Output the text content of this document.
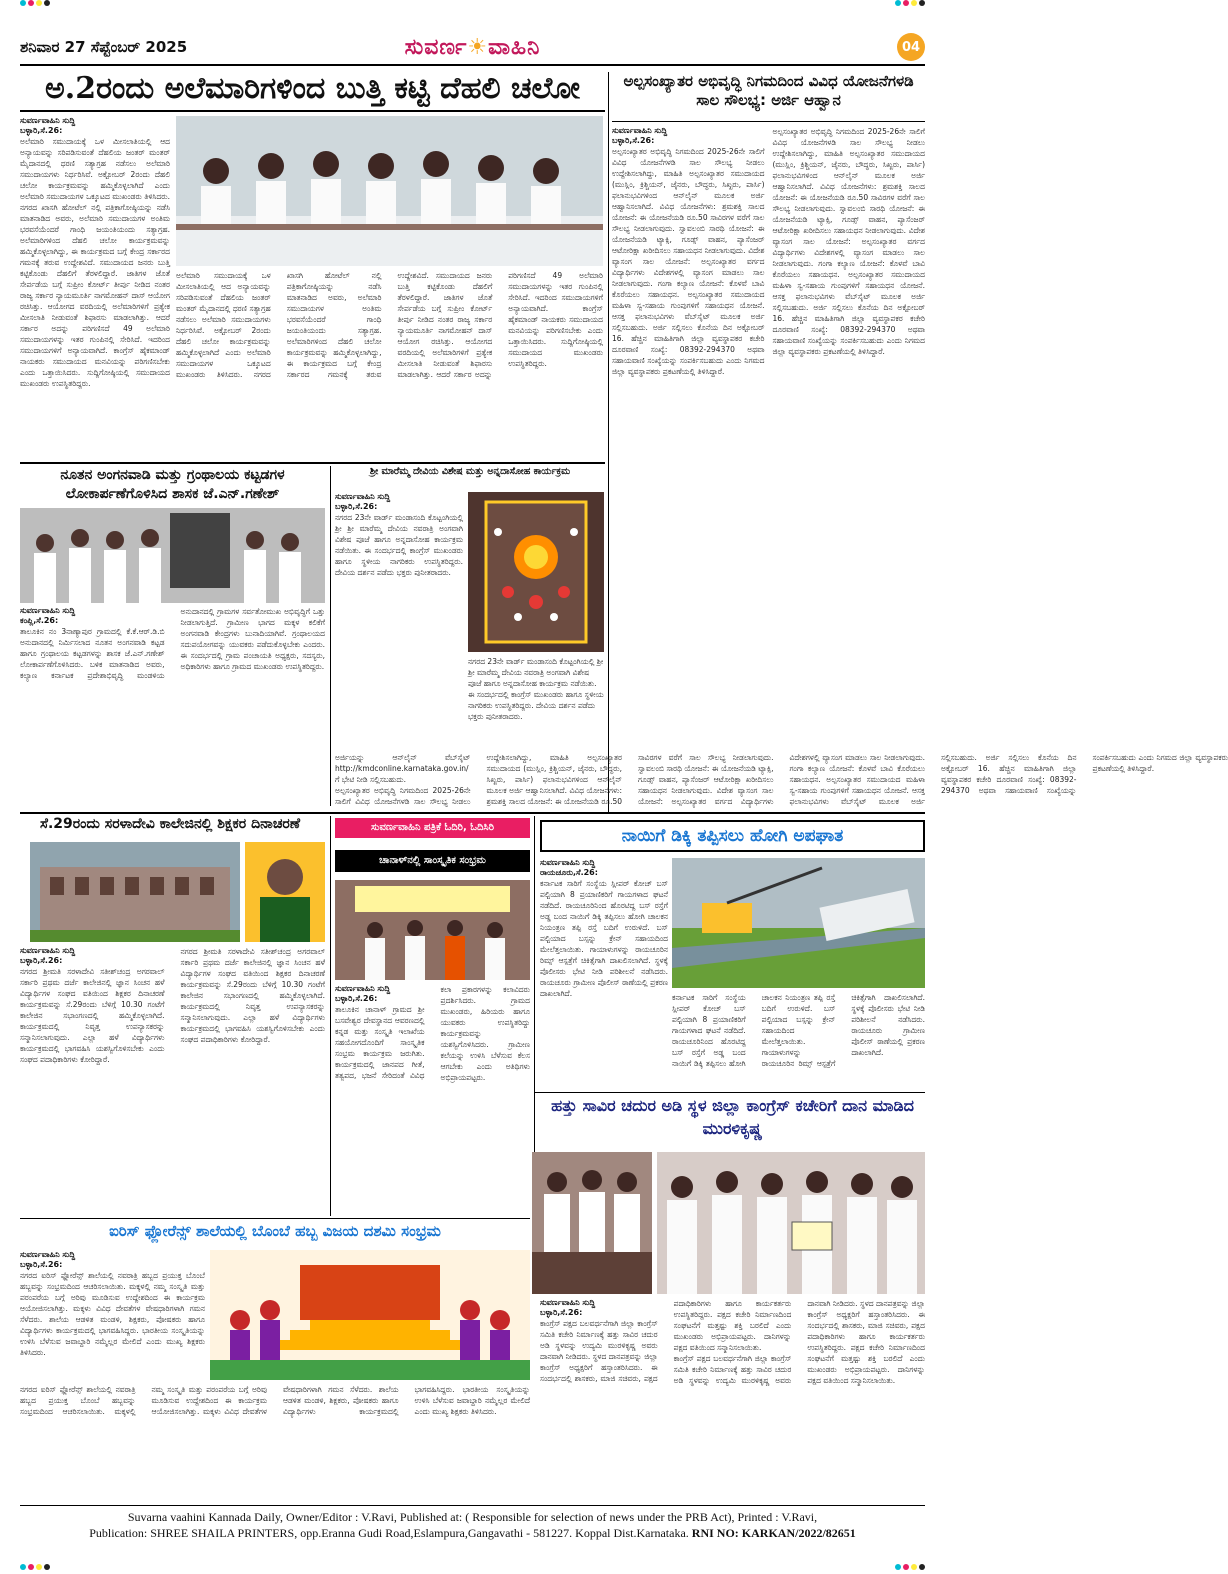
ಶನಿವಾರ 27 ಸೆಪ್ಟೆಂಬರ್ 2025	ಸುವರ್ಣ☀ವಾಹಿನಿ	04
ಅ.2ರಂದು ಅಲೆಮಾರಿಗಳಿಂದ ಬುತ್ತಿ ಕಟ್ಟಿ ದೆಹಲಿ ಚಲೋ
ಸುವರ್ಣವಾಹಿನಿ ಸುದ್ದಿ
ಬಳ್ಳಾರಿ,ಸೆ.26:
ಅಲೆಮಾರಿ ಸಮುದಾಯಕ್ಕೆ ಒಳ ಮೀಸಲಾತಿಯಲ್ಲಿ ಆದ ಅನ್ಯಾಯವನ್ನು ಸರಿಪಡಿಸುವಂತೆ ದೆಹಲಿಯ ಜಂತರ್ ಮಂತರ್ ಮೈದಾನದಲ್ಲಿ ಧರಣಿ ಸತ್ಯಾಗ್ರಹ ನಡೆಸಲು ಅಲೆಮಾರಿ ಸಮುದಾಯಗಳು ನಿರ್ಧರಿಸಿವೆ. ಅಕ್ಟೋಬರ್ 2ರಂದು ದೆಹಲಿ ಚಲೋ ಕಾರ್ಯಕ್ರಮವನ್ನು ಹಮ್ಮಿಕೊಳ್ಳಲಾಗಿದೆ ಎಂದು ಅಲೆಮಾರಿ ಸಮುದಾಯಗಳ ಒಕ್ಕೂಟದ ಮುಖಂಡರು ತಿಳಿಸಿದರು. ನಗರದ ಖಾಸಗಿ ಹೋಟೆಲ್ ನಲ್ಲಿ ಪತ್ರಿಕಾಗೋಷ್ಠಿಯನ್ನು ನಡೆಸಿ ಮಾತನಾಡಿದ ಅವರು, ಅಲೆಮಾರಿ ಸಮುದಾಯಗಳ ಅಂತಿಮ ಭರವಸೆಯೆಂದರೆ ಗಾಂಧಿ ಜಯಂತಿಯಂದು ಸತ್ಯಾಗ್ರಹ. ಅಲೆಮಾರಿಗಳಿಂದ ದೆಹಲಿ ಚಲೋ ಕಾರ್ಯಕ್ರಮವನ್ನು ಹಮ್ಮಿಕೊಳ್ಳಲಾಗಿದ್ದು, ಈ ಕಾರ್ಯಕ್ರಮದ ಬಗ್ಗೆ ಕೇಂದ್ರ ಸರ್ಕಾರದ ಗಮನಕ್ಕೆ ತರುವ ಉದ್ದೇಶವಿದೆ. ಸಮುದಾಯದ ಜನರು ಬುತ್ತಿ ಕಟ್ಟಿಕೊಂಡು ದೆಹಲಿಗೆ ತೆರಳಲಿದ್ದಾರೆ. ಜಾತಿಗಳ ಜೊತೆ ಸೇರ್ಪಡೆಯ ಬಗ್ಗೆ ಸುಪ್ರೀಂ ಕೋರ್ಟ್ ತೀರ್ಪು ನೀಡಿದ ನಂತರ ರಾಜ್ಯ ಸರ್ಕಾರ ನ್ಯಾಯಮೂರ್ತಿ ನಾಗಮೋಹನ್ ದಾಸ್ ಆಯೋಗ ರಚಿಸಿತ್ತು. ಆಯೋಗದ ವರದಿಯಲ್ಲಿ ಅಲೆಮಾರಿಗಳಿಗೆ ಪ್ರತ್ಯೇಕ ಮೀಸಲಾತಿ ನೀಡುವಂತೆ ಶಿಫಾರಸು ಮಾಡಲಾಗಿತ್ತು. ಆದರೆ ಸರ್ಕಾರ ಅದನ್ನು ಪರಿಗಣಿಸದೆ 49 ಅಲೆಮಾರಿ ಸಮುದಾಯಗಳನ್ನು ಇತರ ಗುಂಪಿನಲ್ಲಿ ಸೇರಿಸಿದೆ. ಇದರಿಂದ ಸಮುದಾಯಗಳಿಗೆ ಅನ್ಯಾಯವಾಗಿದೆ. ಕಾಂಗ್ರೆಸ್ ಹೈಕಮಾಂಡ್ ನಾಯಕರು ಸಮುದಾಯದ ಮನವಿಯನ್ನು ಪರಿಗಣಿಸಬೇಕು ಎಂದು ಒತ್ತಾಯಿಸಿದರು. ಸುದ್ದಿಗೋಷ್ಠಿಯಲ್ಲಿ ಸಮುದಾಯದ ಮುಖಂಡರು ಉಪಸ್ಥಿತರಿದ್ದರು.
ಅಲೆಮಾರಿ ಸಮುದಾಯಕ್ಕೆ ಒಳ ಮೀಸಲಾತಿಯಲ್ಲಿ ಆದ ಅನ್ಯಾಯವನ್ನು ಸರಿಪಡಿಸುವಂತೆ ದೆಹಲಿಯ ಜಂತರ್ ಮಂತರ್ ಮೈದಾನದಲ್ಲಿ ಧರಣಿ ಸತ್ಯಾಗ್ರಹ ನಡೆಸಲು ಅಲೆಮಾರಿ ಸಮುದಾಯಗಳು ನಿರ್ಧರಿಸಿವೆ. ಅಕ್ಟೋಬರ್ 2ರಂದು ದೆಹಲಿ ಚಲೋ ಕಾರ್ಯಕ್ರಮವನ್ನು ಹಮ್ಮಿಕೊಳ್ಳಲಾಗಿದೆ ಎಂದು ಅಲೆಮಾರಿ ಸಮುದಾಯಗಳ ಒಕ್ಕೂಟದ ಮುಖಂಡರು ತಿಳಿಸಿದರು. ನಗರದ ಖಾಸಗಿ ಹೋಟೆಲ್ ನಲ್ಲಿ ಪತ್ರಿಕಾಗೋಷ್ಠಿಯನ್ನು ನಡೆಸಿ ಮಾತನಾಡಿದ ಅವರು, ಅಲೆಮಾರಿ ಸಮುದಾಯಗಳ ಅಂತಿಮ ಭರವಸೆಯೆಂದರೆ ಗಾಂಧಿ ಜಯಂತಿಯಂದು ಸತ್ಯಾಗ್ರಹ. ಅಲೆಮಾರಿಗಳಿಂದ ದೆಹಲಿ ಚಲೋ ಕಾರ್ಯಕ್ರಮವನ್ನು ಹಮ್ಮಿಕೊಳ್ಳಲಾಗಿದ್ದು, ಈ ಕಾರ್ಯಕ್ರಮದ ಬಗ್ಗೆ ಕೇಂದ್ರ ಸರ್ಕಾರದ ಗಮನಕ್ಕೆ ತರುವ ಉದ್ದೇಶವಿದೆ. ಸಮುದಾಯದ ಜನರು ಬುತ್ತಿ ಕಟ್ಟಿಕೊಂಡು ದೆಹಲಿಗೆ ತೆರಳಲಿದ್ದಾರೆ. ಜಾತಿಗಳ ಜೊತೆ ಸೇರ್ಪಡೆಯ ಬಗ್ಗೆ ಸುಪ್ರೀಂ ಕೋರ್ಟ್ ತೀರ್ಪು ನೀಡಿದ ನಂತರ ರಾಜ್ಯ ಸರ್ಕಾರ ನ್ಯಾಯಮೂರ್ತಿ ನಾಗಮೋಹನ್ ದಾಸ್ ಆಯೋಗ ರಚಿಸಿತ್ತು. ಆಯೋಗದ ವರದಿಯಲ್ಲಿ ಅಲೆಮಾರಿಗಳಿಗೆ ಪ್ರತ್ಯೇಕ ಮೀಸಲಾತಿ ನೀಡುವಂತೆ ಶಿಫಾರಸು ಮಾಡಲಾಗಿತ್ತು. ಆದರೆ ಸರ್ಕಾರ ಅದನ್ನು ಪರಿಗಣಿಸದೆ 49 ಅಲೆಮಾರಿ ಸಮುದಾಯಗಳನ್ನು ಇತರ ಗುಂಪಿನಲ್ಲಿ ಸೇರಿಸಿದೆ. ಇದರಿಂದ ಸಮುದಾಯಗಳಿಗೆ ಅನ್ಯಾಯವಾಗಿದೆ. ಕಾಂಗ್ರೆಸ್ ಹೈಕಮಾಂಡ್ ನಾಯಕರು ಸಮುದಾಯದ ಮನವಿಯನ್ನು ಪರಿಗಣಿಸಬೇಕು ಎಂದು ಒತ್ತಾಯಿಸಿದರು. ಸುದ್ದಿಗೋಷ್ಠಿಯಲ್ಲಿ ಸಮುದಾಯದ ಮುಖಂಡರು ಉಪಸ್ಥಿತರಿದ್ದರು.
ಅಲ್ಪಸಂಖ್ಯಾತರ ಅಭಿವೃದ್ಧಿ ನಿಗಮದಿಂದ ವಿವಿಧ ಯೋಜನೆಗಳಡಿ ಸಾಲ ಸೌಲಭ್ಯ: ಅರ್ಜಿ ಆಹ್ವಾನ
ಸುವರ್ಣವಾಹಿನಿ ಸುದ್ದಿ
ಬಳ್ಳಾರಿ,ಸೆ.26:
ಅಲ್ಪಸಂಖ್ಯಾತರ ಅಭಿವೃದ್ಧಿ ನಿಗಮದಿಂದ 2025-26ನೇ ಸಾಲಿಗೆ ವಿವಿಧ ಯೋಜನೆಗಳಡಿ ಸಾಲ ಸೌಲಭ್ಯ ನೀಡಲು ಉದ್ದೇಶಿಸಲಾಗಿದ್ದು, ಮಾಹಿತಿ ಅಲ್ಪಸಂಖ್ಯಾತರ ಸಮುದಾಯದ (ಮುಸ್ಲಿಂ, ಕ್ರಿಶ್ಚಿಯನ್, ಜೈನರು, ಬೌದ್ಧರು, ಸಿಖ್ಖರು, ಪಾರ್ಸಿ) ಫಲಾನುಭವಿಗಳಿಂದ ಆನ್‌ಲೈನ್ ಮೂಲಕ ಅರ್ಜಿ ಆಹ್ವಾನಿಸಲಾಗಿದೆ. ವಿವಿಧ ಯೋಜನೆಗಳು: ಶ್ರಮಶಕ್ತಿ ಸಾಲದ ಯೋಜನೆ: ಈ ಯೋಜನೆಯಡಿ ರೂ.50 ಸಾವಿರಗಳ ವರೆಗೆ ಸಾಲ ಸೌಲಭ್ಯ ನೀಡಲಾಗುವುದು. ಸ್ವಾವಲಂಬಿ ಸಾರಥಿ ಯೋಜನೆ: ಈ ಯೋಜನೆಯಡಿ ಟ್ಯಾಕ್ಸಿ, ಗೂಡ್ಸ್ ವಾಹನ, ಪ್ಯಾಸೆಂಜರ್ ಆಟೋರಿಕ್ಷಾ ಖರೀದಿಸಲು ಸಹಾಯಧನ ನೀಡಲಾಗುವುದು. ವಿದೇಶ ವ್ಯಾಸಂಗ ಸಾಲ ಯೋಜನೆ: ಅಲ್ಪಸಂಖ್ಯಾತರ ವರ್ಗದ ವಿದ್ಯಾರ್ಥಿಗಳು ವಿದೇಶಗಳಲ್ಲಿ ವ್ಯಾಸಂಗ ಮಾಡಲು ಸಾಲ ನೀಡಲಾಗುವುದು. ಗಂಗಾ ಕಲ್ಯಾಣ ಯೋಜನೆ: ಕೊಳವೆ ಬಾವಿ ಕೊರೆಯಲು ಸಹಾಯಧನ. ಅಲ್ಪಸಂಖ್ಯಾತರ ಸಮುದಾಯದ ಮಹಿಳಾ ಸ್ವ-ಸಹಾಯ ಗುಂಪುಗಳಿಗೆ ಸಹಾಯಧನ ಯೋಜನೆ. ಆಸಕ್ತ ಫಲಾನುಭವಿಗಳು ವೆಬ್‌ಸೈಟ್ ಮೂಲಕ ಅರ್ಜಿ ಸಲ್ಲಿಸಬಹುದು. ಅರ್ಜಿ ಸಲ್ಲಿಸಲು ಕೊನೆಯ ದಿನ ಅಕ್ಟೋಬರ್ 16. ಹೆಚ್ಚಿನ ಮಾಹಿತಿಗಾಗಿ ಜಿಲ್ಲಾ ವ್ಯವಸ್ಥಾಪಕರ ಕಚೇರಿ ದೂರವಾಣಿ ಸಂಖ್ಯೆ: 08392-294370 ಅಥವಾ ಸಹಾಯವಾಣಿ ಸಂಖ್ಯೆಯನ್ನು ಸಂಪರ್ಕಿಸಬಹುದು ಎಂದು ನಿಗಮದ ಜಿಲ್ಲಾ ವ್ಯವಸ್ಥಾಪಕರು ಪ್ರಕಟಣೆಯಲ್ಲಿ ತಿಳಿಸಿದ್ದಾರೆ.
ಅಲ್ಪಸಂಖ್ಯಾತರ ಅಭಿವೃದ್ಧಿ ನಿಗಮದಿಂದ 2025-26ನೇ ಸಾಲಿಗೆ ವಿವಿಧ ಯೋಜನೆಗಳಡಿ ಸಾಲ ಸೌಲಭ್ಯ ನೀಡಲು ಉದ್ದೇಶಿಸಲಾಗಿದ್ದು, ಮಾಹಿತಿ ಅಲ್ಪಸಂಖ್ಯಾತರ ಸಮುದಾಯದ (ಮುಸ್ಲಿಂ, ಕ್ರಿಶ್ಚಿಯನ್, ಜೈನರು, ಬೌದ್ಧರು, ಸಿಖ್ಖರು, ಪಾರ್ಸಿ) ಫಲಾನುಭವಿಗಳಿಂದ ಆನ್‌ಲೈನ್ ಮೂಲಕ ಅರ್ಜಿ ಆಹ್ವಾನಿಸಲಾಗಿದೆ. ವಿವಿಧ ಯೋಜನೆಗಳು: ಶ್ರಮಶಕ್ತಿ ಸಾಲದ ಯೋಜನೆ: ಈ ಯೋಜನೆಯಡಿ ರೂ.50 ಸಾವಿರಗಳ ವರೆಗೆ ಸಾಲ ಸೌಲಭ್ಯ ನೀಡಲಾಗುವುದು. ಸ್ವಾವಲಂಬಿ ಸಾರಥಿ ಯೋಜನೆ: ಈ ಯೋಜನೆಯಡಿ ಟ್ಯಾಕ್ಸಿ, ಗೂಡ್ಸ್ ವಾಹನ, ಪ್ಯಾಸೆಂಜರ್ ಆಟೋರಿಕ್ಷಾ ಖರೀದಿಸಲು ಸಹಾಯಧನ ನೀಡಲಾಗುವುದು. ವಿದೇಶ ವ್ಯಾಸಂಗ ಸಾಲ ಯೋಜನೆ: ಅಲ್ಪಸಂಖ್ಯಾತರ ವರ್ಗದ ವಿದ್ಯಾರ್ಥಿಗಳು ವಿದೇಶಗಳಲ್ಲಿ ವ್ಯಾಸಂಗ ಮಾಡಲು ಸಾಲ ನೀಡಲಾಗುವುದು. ಗಂಗಾ ಕಲ್ಯಾಣ ಯೋಜನೆ: ಕೊಳವೆ ಬಾವಿ ಕೊರೆಯಲು ಸಹಾಯಧನ. ಅಲ್ಪಸಂಖ್ಯಾತರ ಸಮುದಾಯದ ಮಹಿಳಾ ಸ್ವ-ಸಹಾಯ ಗುಂಪುಗಳಿಗೆ ಸಹಾಯಧನ ಯೋಜನೆ. ಆಸಕ್ತ ಫಲಾನುಭವಿಗಳು ವೆಬ್‌ಸೈಟ್ ಮೂಲಕ ಅರ್ಜಿ ಸಲ್ಲಿಸಬಹುದು. ಅರ್ಜಿ ಸಲ್ಲಿಸಲು ಕೊನೆಯ ದಿನ ಅಕ್ಟೋಬರ್ 16. ಹೆಚ್ಚಿನ ಮಾಹಿತಿಗಾಗಿ ಜಿಲ್ಲಾ ವ್ಯವಸ್ಥಾಪಕರ ಕಚೇರಿ ದೂರವಾಣಿ ಸಂಖ್ಯೆ: 08392-294370 ಅಥವಾ ಸಹಾಯವಾಣಿ ಸಂಖ್ಯೆಯನ್ನು ಸಂಪರ್ಕಿಸಬಹುದು ಎಂದು ನಿಗಮದ ಜಿಲ್ಲಾ ವ್ಯವಸ್ಥಾಪಕರು ಪ್ರಕಟಣೆಯಲ್ಲಿ ತಿಳಿಸಿದ್ದಾರೆ.
ಅರ್ಜಿಯನ್ನು ಆನ್‌ಲೈನ್ ವೆಬ್‌ಸೈಟ್ http://kmdconline.karnataka.gov.in/ ಗೆ ಭೇಟಿ ನೀಡಿ ಸಲ್ಲಿಸಬಹುದು.
ಅಲ್ಪಸಂಖ್ಯಾತರ ಅಭಿವೃದ್ಧಿ ನಿಗಮದಿಂದ 2025-26ನೇ ಸಾಲಿಗೆ ವಿವಿಧ ಯೋಜನೆಗಳಡಿ ಸಾಲ ಸೌಲಭ್ಯ ನೀಡಲು ಉದ್ದೇಶಿಸಲಾಗಿದ್ದು, ಮಾಹಿತಿ ಅಲ್ಪಸಂಖ್ಯಾತರ ಸಮುದಾಯದ (ಮುಸ್ಲಿಂ, ಕ್ರಿಶ್ಚಿಯನ್, ಜೈನರು, ಬೌದ್ಧರು, ಸಿಖ್ಖರು, ಪಾರ್ಸಿ) ಫಲಾನುಭವಿಗಳಿಂದ ಆನ್‌ಲೈನ್ ಮೂಲಕ ಅರ್ಜಿ ಆಹ್ವಾನಿಸಲಾಗಿದೆ. ವಿವಿಧ ಯೋಜನೆಗಳು: ಶ್ರಮಶಕ್ತಿ ಸಾಲದ ಯೋಜನೆ: ಈ ಯೋಜನೆಯಡಿ ರೂ.50 ಸಾವಿರಗಳ ವರೆಗೆ ಸಾಲ ಸೌಲಭ್ಯ ನೀಡಲಾಗುವುದು. ಸ್ವಾವಲಂಬಿ ಸಾರಥಿ ಯೋಜನೆ: ಈ ಯೋಜನೆಯಡಿ ಟ್ಯಾಕ್ಸಿ, ಗೂಡ್ಸ್ ವಾಹನ, ಪ್ಯಾಸೆಂಜರ್ ಆಟೋರಿಕ್ಷಾ ಖರೀದಿಸಲು ಸಹಾಯಧನ ನೀಡಲಾಗುವುದು. ವಿದೇಶ ವ್ಯಾಸಂಗ ಸಾಲ ಯೋಜನೆ: ಅಲ್ಪಸಂಖ್ಯಾತರ ವರ್ಗದ ವಿದ್ಯಾರ್ಥಿಗಳು ವಿದೇಶಗಳಲ್ಲಿ ವ್ಯಾಸಂಗ ಮಾಡಲು ಸಾಲ ನೀಡಲಾಗುವುದು. ಗಂಗಾ ಕಲ್ಯಾಣ ಯೋಜನೆ: ಕೊಳವೆ ಬಾವಿ ಕೊರೆಯಲು ಸಹಾಯಧನ. ಅಲ್ಪಸಂಖ್ಯಾತರ ಸಮುದಾಯದ ಮಹಿಳಾ ಸ್ವ-ಸಹಾಯ ಗುಂಪುಗಳಿಗೆ ಸಹಾಯಧನ ಯೋಜನೆ. ಆಸಕ್ತ ಫಲಾನುಭವಿಗಳು ವೆಬ್‌ಸೈಟ್ ಮೂಲಕ ಅರ್ಜಿ ಸಲ್ಲಿಸಬಹುದು. ಅರ್ಜಿ ಸಲ್ಲಿಸಲು ಕೊನೆಯ ದಿನ ಅಕ್ಟೋಬರ್ 16. ಹೆಚ್ಚಿನ ಮಾಹಿತಿಗಾಗಿ ಜಿಲ್ಲಾ ವ್ಯವಸ್ಥಾಪಕರ ಕಚೇರಿ ದೂರವಾಣಿ ಸಂಖ್ಯೆ: 08392-294370 ಅಥವಾ ಸಹಾಯವಾಣಿ ಸಂಖ್ಯೆಯನ್ನು ಸಂಪರ್ಕಿಸಬಹುದು ಎಂದು ನಿಗಮದ ಜಿಲ್ಲಾ ವ್ಯವಸ್ಥಾಪಕರು ಪ್ರಕಟಣೆಯಲ್ಲಿ ತಿಳಿಸಿದ್ದಾರೆ.
ನೂತನ ಅಂಗನವಾಡಿ ಮತ್ತು ಗ್ರಂಥಾಲಯ ಕಟ್ಟಡಗಳ ಲೋಕಾರ್ಪಣೆಗೊಳಿಸಿದ ಶಾಸಕ ಜೆ.ಎನ್.ಗಣೇಶ್
ಸುವರ್ಣವಾಹಿನಿ ಸುದ್ದಿ
ಕಂಪ್ಲಿ,ಸೆ.26:
ತಾಲೂಕಿನ ನಂ 3ನಾಣ್ಯಾಪುರ ಗ್ರಾಮದಲ್ಲಿ ಕೆ.ಕೆ.ಆರ್.ಡಿ.ಬಿ ಅನುದಾನದಲ್ಲಿ ನಿರ್ಮಿಸಲಾದ ನೂತನ ಅಂಗನವಾಡಿ ಕಟ್ಟಡ ಹಾಗೂ ಗ್ರಂಥಾಲಯ ಕಟ್ಟಡಗಳನ್ನು ಶಾಸಕ ಜೆ.ಎನ್.ಗಣೇಶ್ ಲೋಕಾರ್ಪಣೆಗೊಳಿಸಿದರು. ಬಳಿಕ ಮಾತನಾಡಿದ ಅವರು, ಕಲ್ಯಾಣ ಕರ್ನಾಟಕ ಪ್ರದೇಶಾಭಿವೃದ್ಧಿ ಮಂಡಳಿಯ ಅನುದಾನದಲ್ಲಿ ಗ್ರಾಮಗಳ ಸರ್ವತೋಮುಖ ಅಭಿವೃದ್ಧಿಗೆ ಒತ್ತು ನೀಡಲಾಗುತ್ತಿದೆ. ಗ್ರಾಮೀಣ ಭಾಗದ ಮಕ್ಕಳ ಕಲಿಕೆಗೆ ಅಂಗನವಾಡಿ ಕೇಂದ್ರಗಳು ಬುನಾದಿಯಾಗಿವೆ. ಗ್ರಂಥಾಲಯದ ಸದುಪಯೋಗವನ್ನು ಯುವಕರು ಪಡೆದುಕೊಳ್ಳಬೇಕು ಎಂದರು. ಈ ಸಂದರ್ಭದಲ್ಲಿ ಗ್ರಾಮ ಪಂಚಾಯತಿ ಅಧ್ಯಕ್ಷರು, ಸದಸ್ಯರು, ಅಧಿಕಾರಿಗಳು ಹಾಗೂ ಗ್ರಾಮದ ಮುಖಂಡರು ಉಪಸ್ಥಿತರಿದ್ದರು.
ಶ್ರೀ ಮಾರೆಮ್ಮ ದೇವಿಯ ವಿಶೇಷ ಮತ್ತು ಅನ್ನದಾಸೋಹ ಕಾರ್ಯಕ್ರಮ
ಸುವರ್ಣವಾಹಿನಿ ಸುದ್ದಿ
ಬಳ್ಳಾರಿ,ಸೆ.26:
ನಗರದ 23ನೇ ವಾರ್ಡ್ ಮಂಡಾಸಂದಿ ಕೊಟ್ಟಂಗಿಯಲ್ಲಿ ಶ್ರೀ ಶ್ರೀ ಮಾರೆಮ್ಮ ದೇವಿಯ ನವರಾತ್ರಿ ಅಂಗವಾಗಿ ವಿಶೇಷ ಪೂಜೆ ಹಾಗೂ ಅನ್ನದಾಸೋಹ ಕಾರ್ಯಕ್ರಮ ನಡೆಯಿತು. ಈ ಸಂದರ್ಭದಲ್ಲಿ ಕಾಂಗ್ರೆಸ್ ಮುಖಂಡರು ಹಾಗೂ ಸ್ಥಳೀಯ ನಾಗರಿಕರು ಉಪಸ್ಥಿತರಿದ್ದರು. ದೇವಿಯ ದರ್ಶನ ಪಡೆದು ಭಕ್ತರು ಪುನೀತರಾದರು.
ನಗರದ 23ನೇ ವಾರ್ಡ್ ಮಂಡಾಸಂದಿ ಕೊಟ್ಟಂಗಿಯಲ್ಲಿ ಶ್ರೀ ಶ್ರೀ ಮಾರೆಮ್ಮ ದೇವಿಯ ನವರಾತ್ರಿ ಅಂಗವಾಗಿ ವಿಶೇಷ ಪೂಜೆ ಹಾಗೂ ಅನ್ನದಾಸೋಹ ಕಾರ್ಯಕ್ರಮ ನಡೆಯಿತು. ಈ ಸಂದರ್ಭದಲ್ಲಿ ಕಾಂಗ್ರೆಸ್ ಮುಖಂಡರು ಹಾಗೂ ಸ್ಥಳೀಯ ನಾಗರಿಕರು ಉಪಸ್ಥಿತರಿದ್ದರು. ದೇವಿಯ ದರ್ಶನ ಪಡೆದು ಭಕ್ತರು ಪುನೀತರಾದರು.
ಸೆ.29ರಂದು ಸರಳಾದೇವಿ ಕಾಲೇಜಿನಲ್ಲಿ ಶಿಕ್ಷಕರ ದಿನಾಚರಣೆ
ಸುವರ್ಣವಾಹಿನಿ ಸುದ್ದಿ
ಬಳ್ಳಾರಿ,ಸೆ.26:
ನಗರದ ಶ್ರೀಮತಿ ಸರಳಾದೇವಿ ಸತೀಶ್‌ಚಂದ್ರ ಅಗರವಾಲ್ ಸರ್ಕಾರಿ ಪ್ರಥಮ ದರ್ಜೆ ಕಾಲೇಜಿನಲ್ಲಿ ಜ್ಞಾನ ಸಿಂಚನ ಹಳೆ ವಿದ್ಯಾರ್ಥಿಗಳ ಸಂಘದ ವತಿಯಿಂದ ಶಿಕ್ಷಕರ ದಿನಾಚರಣೆ ಕಾರ್ಯಕ್ರಮವನ್ನು ಸೆ.29ರಂದು ಬೆಳಿಗ್ಗೆ 10.30 ಗಂಟೆಗೆ ಕಾಲೇಜಿನ ಸಭಾಂಗಣದಲ್ಲಿ ಹಮ್ಮಿಕೊಳ್ಳಲಾಗಿದೆ. ಕಾರ್ಯಕ್ರಮದಲ್ಲಿ ನಿವೃತ್ತ ಉಪನ್ಯಾಸಕರನ್ನು ಸನ್ಮಾನಿಸಲಾಗುವುದು. ಎಲ್ಲಾ ಹಳೆ ವಿದ್ಯಾರ್ಥಿಗಳು ಕಾರ್ಯಕ್ರಮದಲ್ಲಿ ಭಾಗವಹಿಸಿ ಯಶಸ್ವಿಗೊಳಿಸಬೇಕು ಎಂದು ಸಂಘದ ಪದಾಧಿಕಾರಿಗಳು ಕೋರಿದ್ದಾರೆ.
ನಗರದ ಶ್ರೀಮತಿ ಸರಳಾದೇವಿ ಸತೀಶ್‌ಚಂದ್ರ ಅಗರವಾಲ್ ಸರ್ಕಾರಿ ಪ್ರಥಮ ದರ್ಜೆ ಕಾಲೇಜಿನಲ್ಲಿ ಜ್ಞಾನ ಸಿಂಚನ ಹಳೆ ವಿದ್ಯಾರ್ಥಿಗಳ ಸಂಘದ ವತಿಯಿಂದ ಶಿಕ್ಷಕರ ದಿನಾಚರಣೆ ಕಾರ್ಯಕ್ರಮವನ್ನು ಸೆ.29ರಂದು ಬೆಳಿಗ್ಗೆ 10.30 ಗಂಟೆಗೆ ಕಾಲೇಜಿನ ಸಭಾಂಗಣದಲ್ಲಿ ಹಮ್ಮಿಕೊಳ್ಳಲಾಗಿದೆ. ಕಾರ್ಯಕ್ರಮದಲ್ಲಿ ನಿವೃತ್ತ ಉಪನ್ಯಾಸಕರನ್ನು ಸನ್ಮಾನಿಸಲಾಗುವುದು. ಎಲ್ಲಾ ಹಳೆ ವಿದ್ಯಾರ್ಥಿಗಳು ಕಾರ್ಯಕ್ರಮದಲ್ಲಿ ಭಾಗವಹಿಸಿ ಯಶಸ್ವಿಗೊಳಿಸಬೇಕು ಎಂದು ಸಂಘದ ಪದಾಧಿಕಾರಿಗಳು ಕೋರಿದ್ದಾರೆ.
ಸುವರ್ಣವಾಹಿನಿ ಪತ್ರಿಕೆ ಓದಿರಿ, ಓದಿಸಿರಿ
ಚಾನಾಳ್‌ನಲ್ಲಿ ಸಾಂಸ್ಕೃತಿಕ ಸಂಭ್ರಮ
ಸುವರ್ಣವಾಹಿನಿ ಸುದ್ದಿ
ಬಳ್ಳಾರಿ,ಸೆ.26:
ತಾಲೂಕಿನ ಚಾನಾಳ್ ಗ್ರಾಮದ ಶ್ರೀ ಬಸವೇಶ್ವರ ದೇವಸ್ಥಾನದ ಆವರಣದಲ್ಲಿ ಕನ್ನಡ ಮತ್ತು ಸಂಸ್ಕೃತಿ ಇಲಾಖೆಯ ಸಹಯೋಗದೊಂದಿಗೆ ಸಾಂಸ್ಕೃತಿಕ ಸಂಭ್ರಮ ಕಾರ್ಯಕ್ರಮ ಜರುಗಿತು. ಕಾರ್ಯಕ್ರಮದಲ್ಲಿ ಜಾನಪದ ಗೀತೆ, ತತ್ವಪದ, ಭಜನೆ ಸೇರಿದಂತೆ ವಿವಿಧ ಕಲಾ ಪ್ರಕಾರಗಳನ್ನು ಕಲಾವಿದರು ಪ್ರದರ್ಶಿಸಿದರು. ಗ್ರಾಮದ ಮುಖಂಡರು, ಹಿರಿಯರು ಹಾಗೂ ಯುವಕರು ಉಪಸ್ಥಿತರಿದ್ದು ಕಾರ್ಯಕ್ರಮವನ್ನು ಯಶಸ್ವಿಗೊಳಿಸಿದರು. ಗ್ರಾಮೀಣ ಕಲೆಯನ್ನು ಉಳಿಸಿ ಬೆಳೆಸುವ ಕೆಲಸ ಆಗಬೇಕು ಎಂದು ಅತಿಥಿಗಳು ಅಭಿಪ್ರಾಯಪಟ್ಟರು.
ನಾಯಿಗೆ ಡಿಕ್ಕಿ ತಪ್ಪಿಸಲು ಹೋಗಿ ಅಪಘಾತ
ಸುವರ್ಣವಾಹಿನಿ ಸುದ್ದಿ
ರಾಯಚೂರು,ಸೆ.26:
ಕರ್ನಾಟಕ ಸಾರಿಗೆ ಸಂಸ್ಥೆಯ ಸ್ಲೀಪರ್ ಕೋಚ್ ಬಸ್ ಪಲ್ಟಿಯಾಗಿ 8 ಪ್ರಯಾಣಿಕರಿಗೆ ಗಾಯಗಳಾದ ಘಟನೆ ನಡೆದಿದೆ. ರಾಯಚೂರಿನಿಂದ ಹೊರಟಿದ್ದ ಬಸ್ ರಸ್ತೆಗೆ ಅಡ್ಡ ಬಂದ ನಾಯಿಗೆ ಡಿಕ್ಕಿ ತಪ್ಪಿಸಲು ಹೋಗಿ ಚಾಲಕನ ನಿಯಂತ್ರಣ ತಪ್ಪಿ ರಸ್ತೆ ಬದಿಗೆ ಉರುಳಿದೆ. ಬಸ್ ಪಲ್ಟಿಯಾದ ಬಸ್ಸನ್ನು ಕ್ರೇನ್ ಸಹಾಯದಿಂದ ಮೇಲೆತ್ತಲಾಯಿತು. ಗಾಯಾಳುಗಳನ್ನು ರಾಯಚೂರಿನ ರಿಮ್ಸ್ ಆಸ್ಪತ್ರೆಗೆ ಚಿಕಿತ್ಸೆಗಾಗಿ ದಾಖಲಿಸಲಾಗಿದೆ. ಸ್ಥಳಕ್ಕೆ ಪೊಲೀಸರು ಭೇಟಿ ನೀಡಿ ಪರಿಶೀಲನೆ ನಡೆಸಿದರು. ರಾಯಚೂರು ಗ್ರಾಮೀಣ ಪೊಲೀಸ್ ಠಾಣೆಯಲ್ಲಿ ಪ್ರಕರಣ ದಾಖಲಾಗಿದೆ.	ಕರ್ನಾಟಕ ಸಾರಿಗೆ ಸಂಸ್ಥೆಯ ಸ್ಲೀಪರ್ ಕೋಚ್ ಬಸ್ ಪಲ್ಟಿಯಾಗಿ 8 ಪ್ರಯಾಣಿಕರಿಗೆ ಗಾಯಗಳಾದ ಘಟನೆ ನಡೆದಿದೆ. ರಾಯಚೂರಿನಿಂದ ಹೊರಟಿದ್ದ ಬಸ್ ರಸ್ತೆಗೆ ಅಡ್ಡ ಬಂದ ನಾಯಿಗೆ ಡಿಕ್ಕಿ ತಪ್ಪಿಸಲು ಹೋಗಿ ಚಾಲಕನ ನಿಯಂತ್ರಣ ತಪ್ಪಿ ರಸ್ತೆ ಬದಿಗೆ ಉರುಳಿದೆ. ಬಸ್ ಪಲ್ಟಿಯಾದ ಬಸ್ಸನ್ನು ಕ್ರೇನ್ ಸಹಾಯದಿಂದ ಮೇಲೆತ್ತಲಾಯಿತು. ಗಾಯಾಳುಗಳನ್ನು ರಾಯಚೂರಿನ ರಿಮ್ಸ್ ಆಸ್ಪತ್ರೆಗೆ ಚಿಕಿತ್ಸೆಗಾಗಿ ದಾಖಲಿಸಲಾಗಿದೆ. ಸ್ಥಳಕ್ಕೆ ಪೊಲೀಸರು ಭೇಟಿ ನೀಡಿ ಪರಿಶೀಲನೆ ನಡೆಸಿದರು. ರಾಯಚೂರು ಗ್ರಾಮೀಣ ಪೊಲೀಸ್ ಠಾಣೆಯಲ್ಲಿ ಪ್ರಕರಣ ದಾಖಲಾಗಿದೆ.
ಹತ್ತು ಸಾವಿರ ಚದುರ ಅಡಿ ಸ್ಥಳ ಜಿಲ್ಲಾ ಕಾಂಗ್ರೆಸ್ ಕಚೇರಿಗೆ ದಾನ ಮಾಡಿದ ಮುರಳಿಕೃಷ್ಣ
ಸುವರ್ಣವಾಹಿನಿ ಸುದ್ದಿ
ಬಳ್ಳಾರಿ,ಸೆ.26:
ಕಾಂಗ್ರೆಸ್ ಪಕ್ಷದ ಬಲವರ್ಧನೆಗಾಗಿ ಜಿಲ್ಲಾ ಕಾಂಗ್ರೆಸ್ ಸಮಿತಿ ಕಚೇರಿ ನಿರ್ಮಾಣಕ್ಕೆ ಹತ್ತು ಸಾವಿರ ಚದುರ ಅಡಿ ಸ್ಥಳವನ್ನು ಉದ್ಯಮಿ ಮುರಳಿಕೃಷ್ಣ ಅವರು ದಾನವಾಗಿ ನೀಡಿದರು. ಸ್ಥಳದ ದಾನಪತ್ರವನ್ನು ಜಿಲ್ಲಾ ಕಾಂಗ್ರೆಸ್ ಅಧ್ಯಕ್ಷರಿಗೆ ಹಸ್ತಾಂತರಿಸಿದರು. ಈ ಸಂದರ್ಭದಲ್ಲಿ ಶಾಸಕರು, ಮಾಜಿ ಸಚಿವರು, ಪಕ್ಷದ ಪದಾಧಿಕಾರಿಗಳು ಹಾಗೂ ಕಾರ್ಯಕರ್ತರು ಉಪಸ್ಥಿತರಿದ್ದರು. ಪಕ್ಷದ ಕಚೇರಿ ನಿರ್ಮಾಣದಿಂದ ಸಂಘಟನೆಗೆ ಮತ್ತಷ್ಟು ಶಕ್ತಿ ಬರಲಿದೆ ಎಂದು ಮುಖಂಡರು ಅಭಿಪ್ರಾಯಪಟ್ಟರು. ದಾನಿಗಳನ್ನು ಪಕ್ಷದ ವತಿಯಿಂದ ಸನ್ಮಾನಿಸಲಾಯಿತು.
ಕಾಂಗ್ರೆಸ್ ಪಕ್ಷದ ಬಲವರ್ಧನೆಗಾಗಿ ಜಿಲ್ಲಾ ಕಾಂಗ್ರೆಸ್ ಸಮಿತಿ ಕಚೇರಿ ನಿರ್ಮಾಣಕ್ಕೆ ಹತ್ತು ಸಾವಿರ ಚದುರ ಅಡಿ ಸ್ಥಳವನ್ನು ಉದ್ಯಮಿ ಮುರಳಿಕೃಷ್ಣ ಅವರು ದಾನವಾಗಿ ನೀಡಿದರು. ಸ್ಥಳದ ದಾನಪತ್ರವನ್ನು ಜಿಲ್ಲಾ ಕಾಂಗ್ರೆಸ್ ಅಧ್ಯಕ್ಷರಿಗೆ ಹಸ್ತಾಂತರಿಸಿದರು. ಈ ಸಂದರ್ಭದಲ್ಲಿ ಶಾಸಕರು, ಮಾಜಿ ಸಚಿವರು, ಪಕ್ಷದ ಪದಾಧಿಕಾರಿಗಳು ಹಾಗೂ ಕಾರ್ಯಕರ್ತರು ಉಪಸ್ಥಿತರಿದ್ದರು. ಪಕ್ಷದ ಕಚೇರಿ ನಿರ್ಮಾಣದಿಂದ ಸಂಘಟನೆಗೆ ಮತ್ತಷ್ಟು ಶಕ್ತಿ ಬರಲಿದೆ ಎಂದು ಮುಖಂಡರು ಅಭಿಪ್ರಾಯಪಟ್ಟರು. ದಾನಿಗಳನ್ನು ಪಕ್ಷದ ವತಿಯಿಂದ ಸನ್ಮಾನಿಸಲಾಯಿತು.
ಐರಿಸ್ ಫ್ಲೋರೆನ್ಸ್ ಶಾಲೆಯಲ್ಲಿ ಬೊಂಬೆ ಹಬ್ಬ ವಿಜಯ ದಶಮಿ ಸಂಭ್ರಮ
ಸುವರ್ಣವಾಹಿನಿ ಸುದ್ದಿ
ಬಳ್ಳಾರಿ,ಸೆ.26:
ನಗರದ ಐರಿಸ್ ಫ್ಲೋರೆನ್ಸ್ ಶಾಲೆಯಲ್ಲಿ ನವರಾತ್ರಿ ಹಬ್ಬದ ಪ್ರಯುಕ್ತ ಬೊಂಬೆ ಹಬ್ಬವನ್ನು ಸಂಭ್ರಮದಿಂದ ಆಚರಿಸಲಾಯಿತು. ಮಕ್ಕಳಲ್ಲಿ ನಮ್ಮ ಸಂಸ್ಕೃತಿ ಮತ್ತು ಪರಂಪರೆಯ ಬಗ್ಗೆ ಅರಿವು ಮೂಡಿಸುವ ಉದ್ದೇಶದಿಂದ ಈ ಕಾರ್ಯಕ್ರಮ ಆಯೋಜಿಸಲಾಗಿತ್ತು. ಮಕ್ಕಳು ವಿವಿಧ ದೇವತೆಗಳ ವೇಷಧಾರಿಗಳಾಗಿ ಗಮನ ಸೆಳೆದರು. ಶಾಲೆಯ ಆಡಳಿತ ಮಂಡಳಿ, ಶಿಕ್ಷಕರು, ಪೋಷಕರು ಹಾಗೂ ವಿದ್ಯಾರ್ಥಿಗಳು ಕಾರ್ಯಕ್ರಮದಲ್ಲಿ ಭಾಗವಹಿಸಿದ್ದರು. ಭಾರತೀಯ ಸಂಸ್ಕೃತಿಯನ್ನು ಉಳಿಸಿ ಬೆಳೆಸುವ ಜವಾಬ್ದಾರಿ ನಮ್ಮೆಲ್ಲರ ಮೇಲಿದೆ ಎಂದು ಮುಖ್ಯ ಶಿಕ್ಷಕರು ತಿಳಿಸಿದರು.
ನಗರದ ಐರಿಸ್ ಫ್ಲೋರೆನ್ಸ್ ಶಾಲೆಯಲ್ಲಿ ನವರಾತ್ರಿ ಹಬ್ಬದ ಪ್ರಯುಕ್ತ ಬೊಂಬೆ ಹಬ್ಬವನ್ನು ಸಂಭ್ರಮದಿಂದ ಆಚರಿಸಲಾಯಿತು. ಮಕ್ಕಳಲ್ಲಿ ನಮ್ಮ ಸಂಸ್ಕೃತಿ ಮತ್ತು ಪರಂಪರೆಯ ಬಗ್ಗೆ ಅರಿವು ಮೂಡಿಸುವ ಉದ್ದೇಶದಿಂದ ಈ ಕಾರ್ಯಕ್ರಮ ಆಯೋಜಿಸಲಾಗಿತ್ತು. ಮಕ್ಕಳು ವಿವಿಧ ದೇವತೆಗಳ ವೇಷಧಾರಿಗಳಾಗಿ ಗಮನ ಸೆಳೆದರು. ಶಾಲೆಯ ಆಡಳಿತ ಮಂಡಳಿ, ಶಿಕ್ಷಕರು, ಪೋಷಕರು ಹಾಗೂ ವಿದ್ಯಾರ್ಥಿಗಳು ಕಾರ್ಯಕ್ರಮದಲ್ಲಿ ಭಾಗವಹಿಸಿದ್ದರು. ಭಾರತೀಯ ಸಂಸ್ಕೃತಿಯನ್ನು ಉಳಿಸಿ ಬೆಳೆಸುವ ಜವಾಬ್ದಾರಿ ನಮ್ಮೆಲ್ಲರ ಮೇಲಿದೆ ಎಂದು ಮುಖ್ಯ ಶಿಕ್ಷಕರು ತಿಳಿಸಿದರು.
Suvarna vaahini Kannada Daily, Owner/Editor : V.Ravi, Published at: ( Responsible for selection of news under the PRB Act), Printed : V.Ravi,
Publication: SHREE SHAILA PRINTERS, opp.Eranna Gudi Road,Eslampura,Gangavathi - 581227. Koppal Dist.Karnataka. RNI NO: KARKAN/2022/82651
